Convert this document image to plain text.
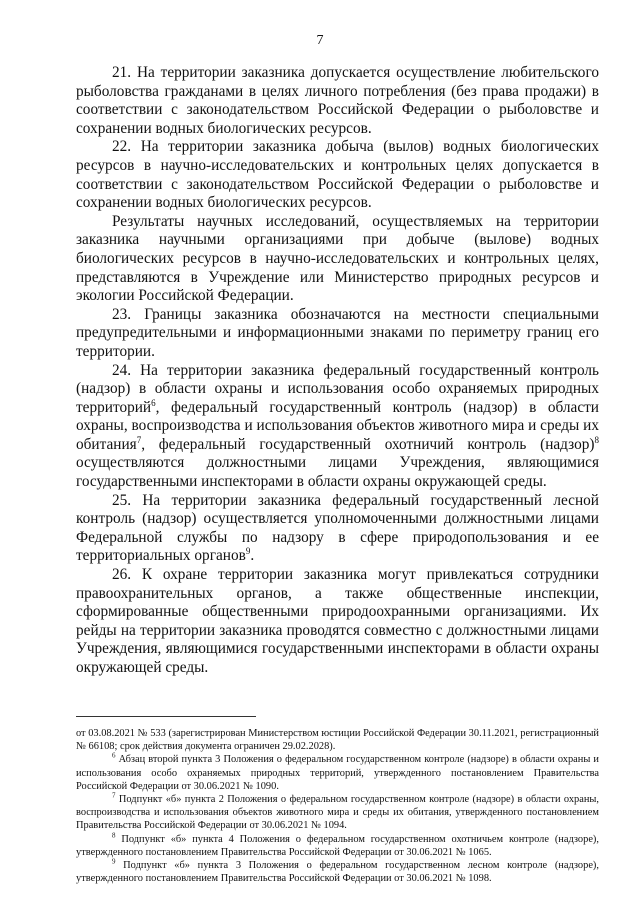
7

21. На территории заказника допускается осуществление любительского рыболовства гражданами в целях личного потребления (без права продажи) в соответствии с законодательством Российской Федерации о рыболовстве и сохранении водных биологических ресурсов.

22. На территории заказника добыча (вылов) водных биологических ресурсов в научно-исследовательских и контрольных целях допускается в соответствии с законодательством Российской Федерации о рыболовстве и сохранении водных биологических ресурсов.

Результаты научных исследований, осуществляемых на территории заказника научными организациями при добыче (вылове) водных биологических ресурсов в научно-исследовательских и контрольных целях, представляются в Учреждение или Министерство природных ресурсов и экологии Российской Федерации.

23. Границы заказника обозначаются на местности специальными предупредительными и информационными знаками по периметру границ его территории.

24. На территории заказника федеральный государственный контроль (надзор) в области охраны и использования особо охраняемых природных территорий$^6$, федеральный государственный контроль (надзор) в области охраны, воспроизводства и использования объектов животного мира и среды их обитания$^7$, федеральный государственный охотничий контроль (надзор)$^8$ осуществляются должностными лицами Учреждения, являющимися государственными инспекторами в области охраны окружающей среды.

25. На территории заказника федеральный государственный лесной контроль (надзор) осуществляется уполномоченными должностными лицами Федеральной службы по надзору в сфере природопользования и ее территориальных органов$^9$.

26. К охране территории заказника могут привлекаться сотрудники правоохранительных органов, а также общественные инспекции, сформированные общественными природоохранными организациями. Их рейды на территории заказника проводятся совместно с должностными лицами Учреждения, являющимися государственными инспекторами в области охраны окружающей среды.

от 03.08.2021 № 533 (зарегистрирован Министерством юстиции Российской Федерации 30.11.2021, регистрационный № 66108; срок действия документа ограничен 29.02.2028).

$^6$ Абзац второй пункта 3 Положения о федеральном государственном контроле (надзоре) в области охраны и использования особо охраняемых природных территорий, утвержденного постановлением Правительства Российской Федерации от 30.06.2021 № 1090.

$^7$ Подпункт «б» пункта 2 Положения о федеральном государственном контроле (надзоре) в области охраны, воспроизводства и использования объектов животного мира и среды их обитания, утвержденного постановлением Правительства Российской Федерации от 30.06.2021 № 1094.

$^8$ Подпункт «б» пункта 4 Положения о федеральном государственном охотничьем контроле (надзоре), утвержденного постановлением Правительства Российской Федерации от 30.06.2021 № 1065.

$^9$ Подпункт «б» пункта 3 Положения о федеральном государственном лесном контроле (надзоре), утвержденного постановлением Правительства Российской Федерации от 30.06.2021 № 1098.
